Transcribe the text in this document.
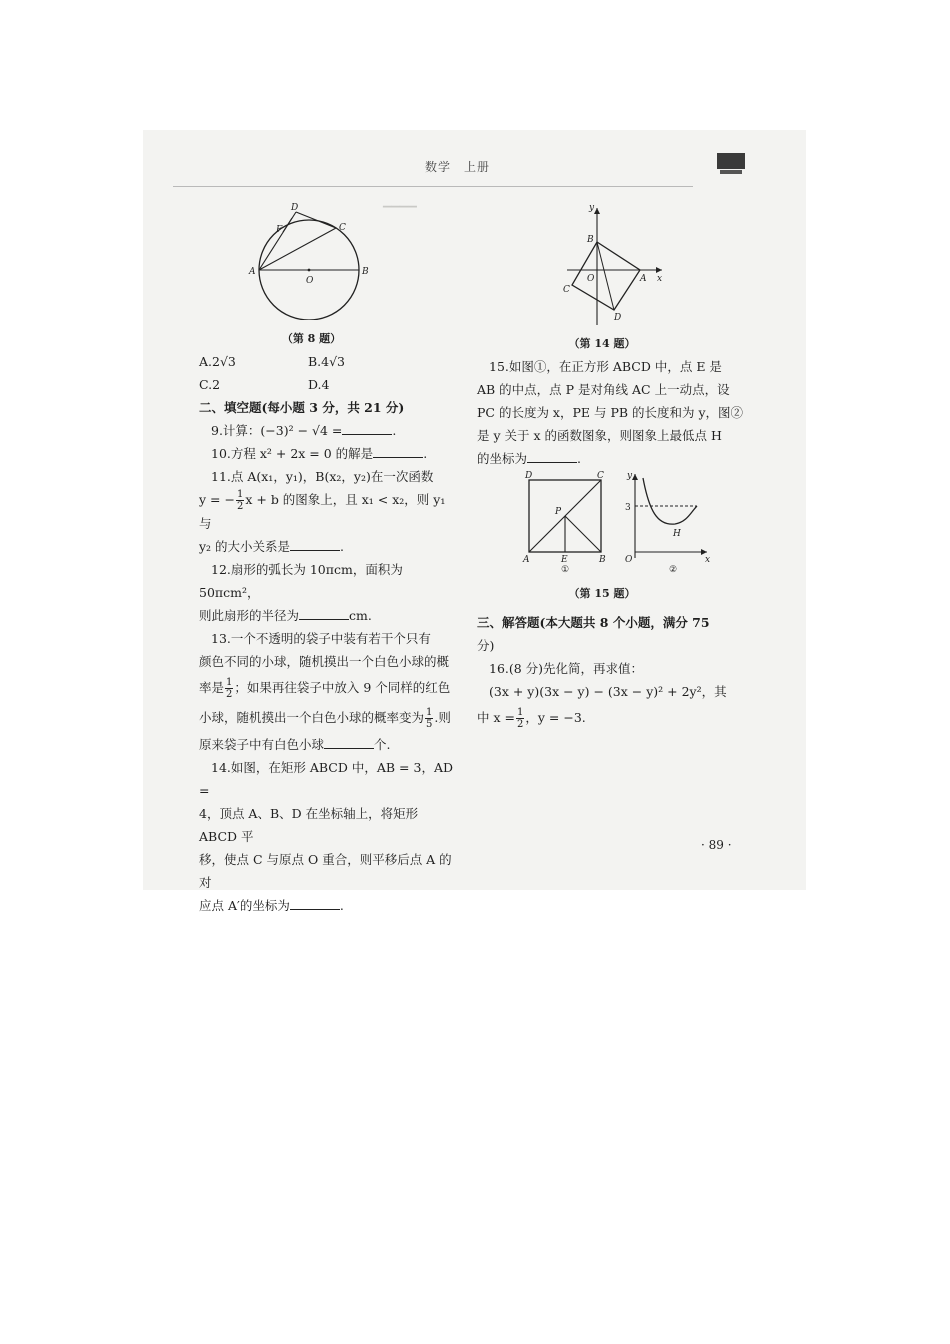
数学　上册
▔▔▔▔
D
F	C
A
O
B

（第 8 题）

A.2√3	B.4√3

C.2	D.4

二、填空题(每小题 3 分，共 21 分)

9.计算：(−3)² − √4 =	.

10.方程 x² + 2x = 0 的解是	.

11.点 A(x₁，y₁)，B(x₂，y₂)在一次函数

y = − $\frac{1}{2}$ x + b 的图象上，且 x₁ < x₂，则 y₁ 与

y₂ 的大小关系是	.

12.扇形的弧长为 10πcm，面积为 50πcm²，

则此扇形的半径为	cm.

13.一个不透明的袋子中装有若干个只有

颜色不同的小球，随机摸出一个白色小球的概

率是 $\frac{1}{2}$ ；如果再往袋子中放入 9 个同样的红色

小球，随机摸出一个白色小球的概率变为 $\frac{1}{5}$ .则

原来袋子中有白色小球	个.

14.如图，在矩形 ABCD 中，AB = 3，AD =

4，顶点 A、B、D 在坐标轴上，将矩形 ABCD 平

移，使点 C 与原点 O 重合，则平移后点 A 的对

应点 A′的坐标为	.

y
B
O	A x
C
D

（第 14 题）

15.如图①，在正方形 ABCD 中，点 E 是

AB 的中点，点 P 是对角线 AC 上一动点，设

PC 的长度为 x，PE 与 PB 的长度和为 y，图②

是 y 关于 x 的函数图象，则图象上最低点 H

的坐标为	.

D	C
P
A	E	B
①
y
3
O
H
x
②

（第 15 题）

三、解答题(本大题共 8 个小题，满分 75

分)

16.(8 分)先化简，再求值：

(3x + y)(3x − y) − (3x − y)² + 2y²，其

中 $x = \frac{1}{2}$ ，y = −3.

· 89 ·
